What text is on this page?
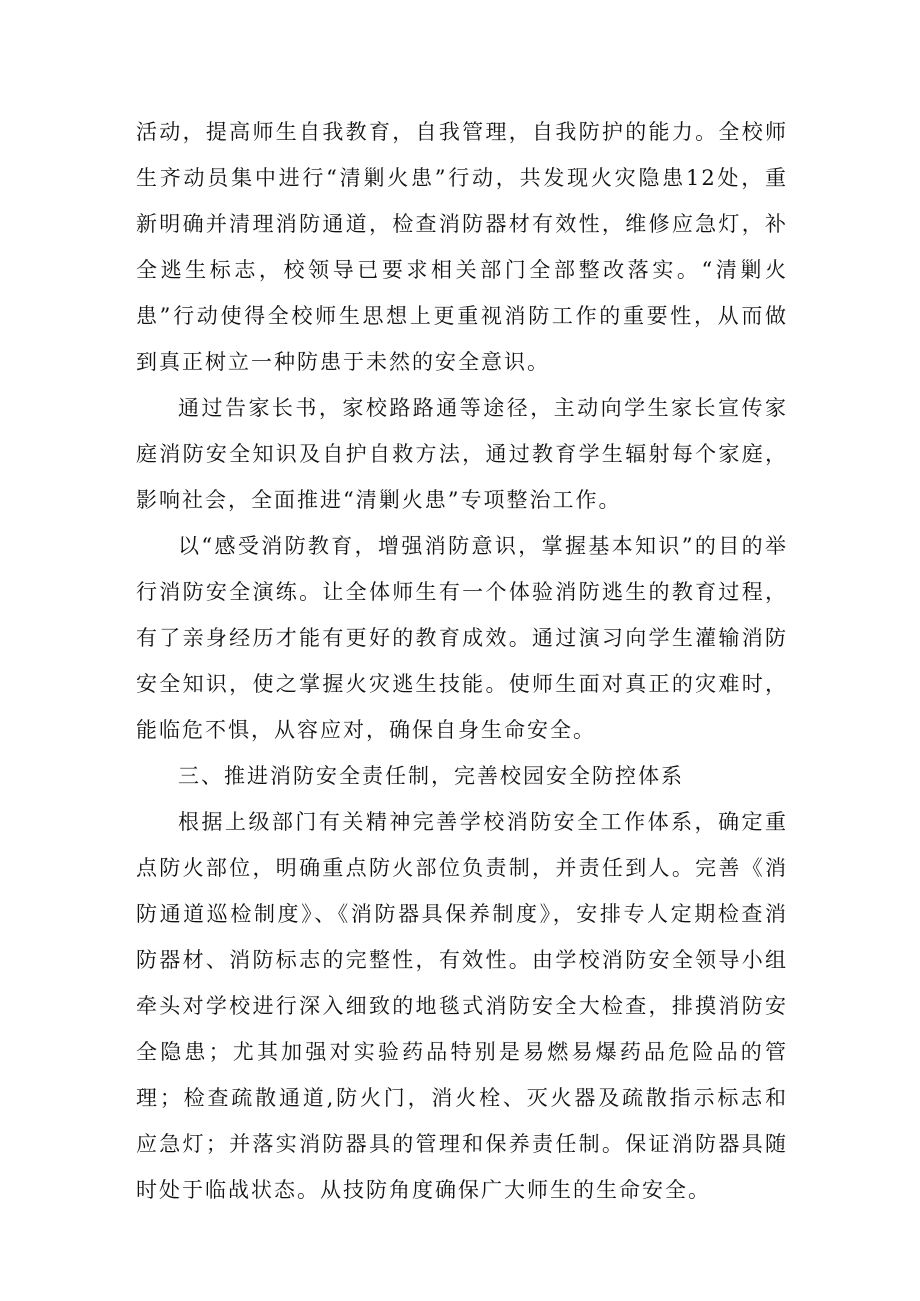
活动，提高师生自我教育，自我管理，自我防护的能力。全校师生齐动员集中进行“清剿火患”行动，共发现火灾隐患12处，重新明确并清理消防通道，检查消防器材有效性，维修应急灯，补全逃生标志，校领导已要求相关部门全部整改落实。“清剿火患”行动使得全校师生思想上更重视消防工作的重要性，从而做到真正树立一种防患于未然的安全意识。

通过告家长书，家校路路通等途径，主动向学生家长宣传家庭消防安全知识及自护自救方法，通过教育学生辐射每个家庭，影响社会，全面推进“清剿火患”专项整治工作。

以“感受消防教育，增强消防意识，掌握基本知识”的目的举行消防安全演练。让全体师生有一个体验消防逃生的教育过程，有了亲身经历才能有更好的教育成效。通过演习向学生灌输消防安全知识，使之掌握火灾逃生技能。使师生面对真正的灾难时，能临危不惧，从容应对，确保自身生命安全。

三、推进消防安全责任制，完善校园安全防控体系

根据上级部门有关精神完善学校消防安全工作体系，确定重点防火部位，明确重点防火部位负责制，并责任到人。完善《消防通道巡检制度》、《消防器具保养制度》，安排专人定期检查消防器材、消防标志的完整性，有效性。由学校消防安全领导小组牵头对学校进行深入细致的地毯式消防安全大检查，排摸消防安全隐患；尤其加强对实验药品特别是易燃易爆药品危险品的管理；检查疏散通道,防火门，消火栓、灭火器及疏散指示标志和应急灯；并落实消防器具的管理和保养责任制。保证消防器具随时处于临战状态。从技防角度确保广大师生的生命安全。
